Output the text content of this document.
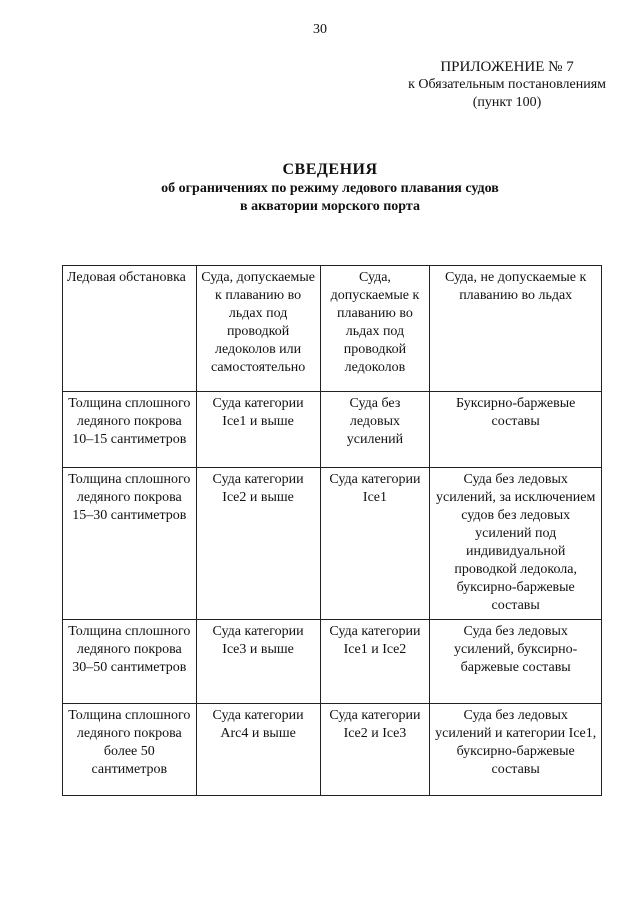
30
ПРИЛОЖЕНИЕ № 7
к Обязательным постановлениям
(пункт 100)
СВЕДЕНИЯ
об ограничениях по режиму ледового плавания судов
в акватории морского порта
Ледовая обстановка	Суда, допускаемые к плаванию во льдах под проводкой ледоколов или самостоятельно	Суда, допускаемые к плаванию во льдах под проводкой ледоколов	Суда, не допускаемые к плаванию во льдах
Толщина сплошного ледяного покрова 10–15 сантиметров	Суда категории Ice1 и выше	Суда без ледовых усилений	Буксирно-баржевые составы
Толщина сплошного ледяного покрова 15–30 сантиметров	Суда категории Ice2 и выше	Суда категории Ice1	Суда без ледовых усилений, за исключением судов без ледовых усилений под индивидуальной проводкой ледокола, буксирно-баржевые составы
Толщина сплошного ледяного покрова 30–50 сантиметров	Суда категории Ice3 и выше	Суда категории Ice1 и Ice2	Суда без ледовых усилений, буксирно-баржевые составы
Толщина сплошного ледяного покрова более 50 сантиметров	Суда категории Arc4 и выше	Суда категории Ice2 и Ice3	Суда без ледовых усилений и категории Ice1, буксирно-баржевые составы
